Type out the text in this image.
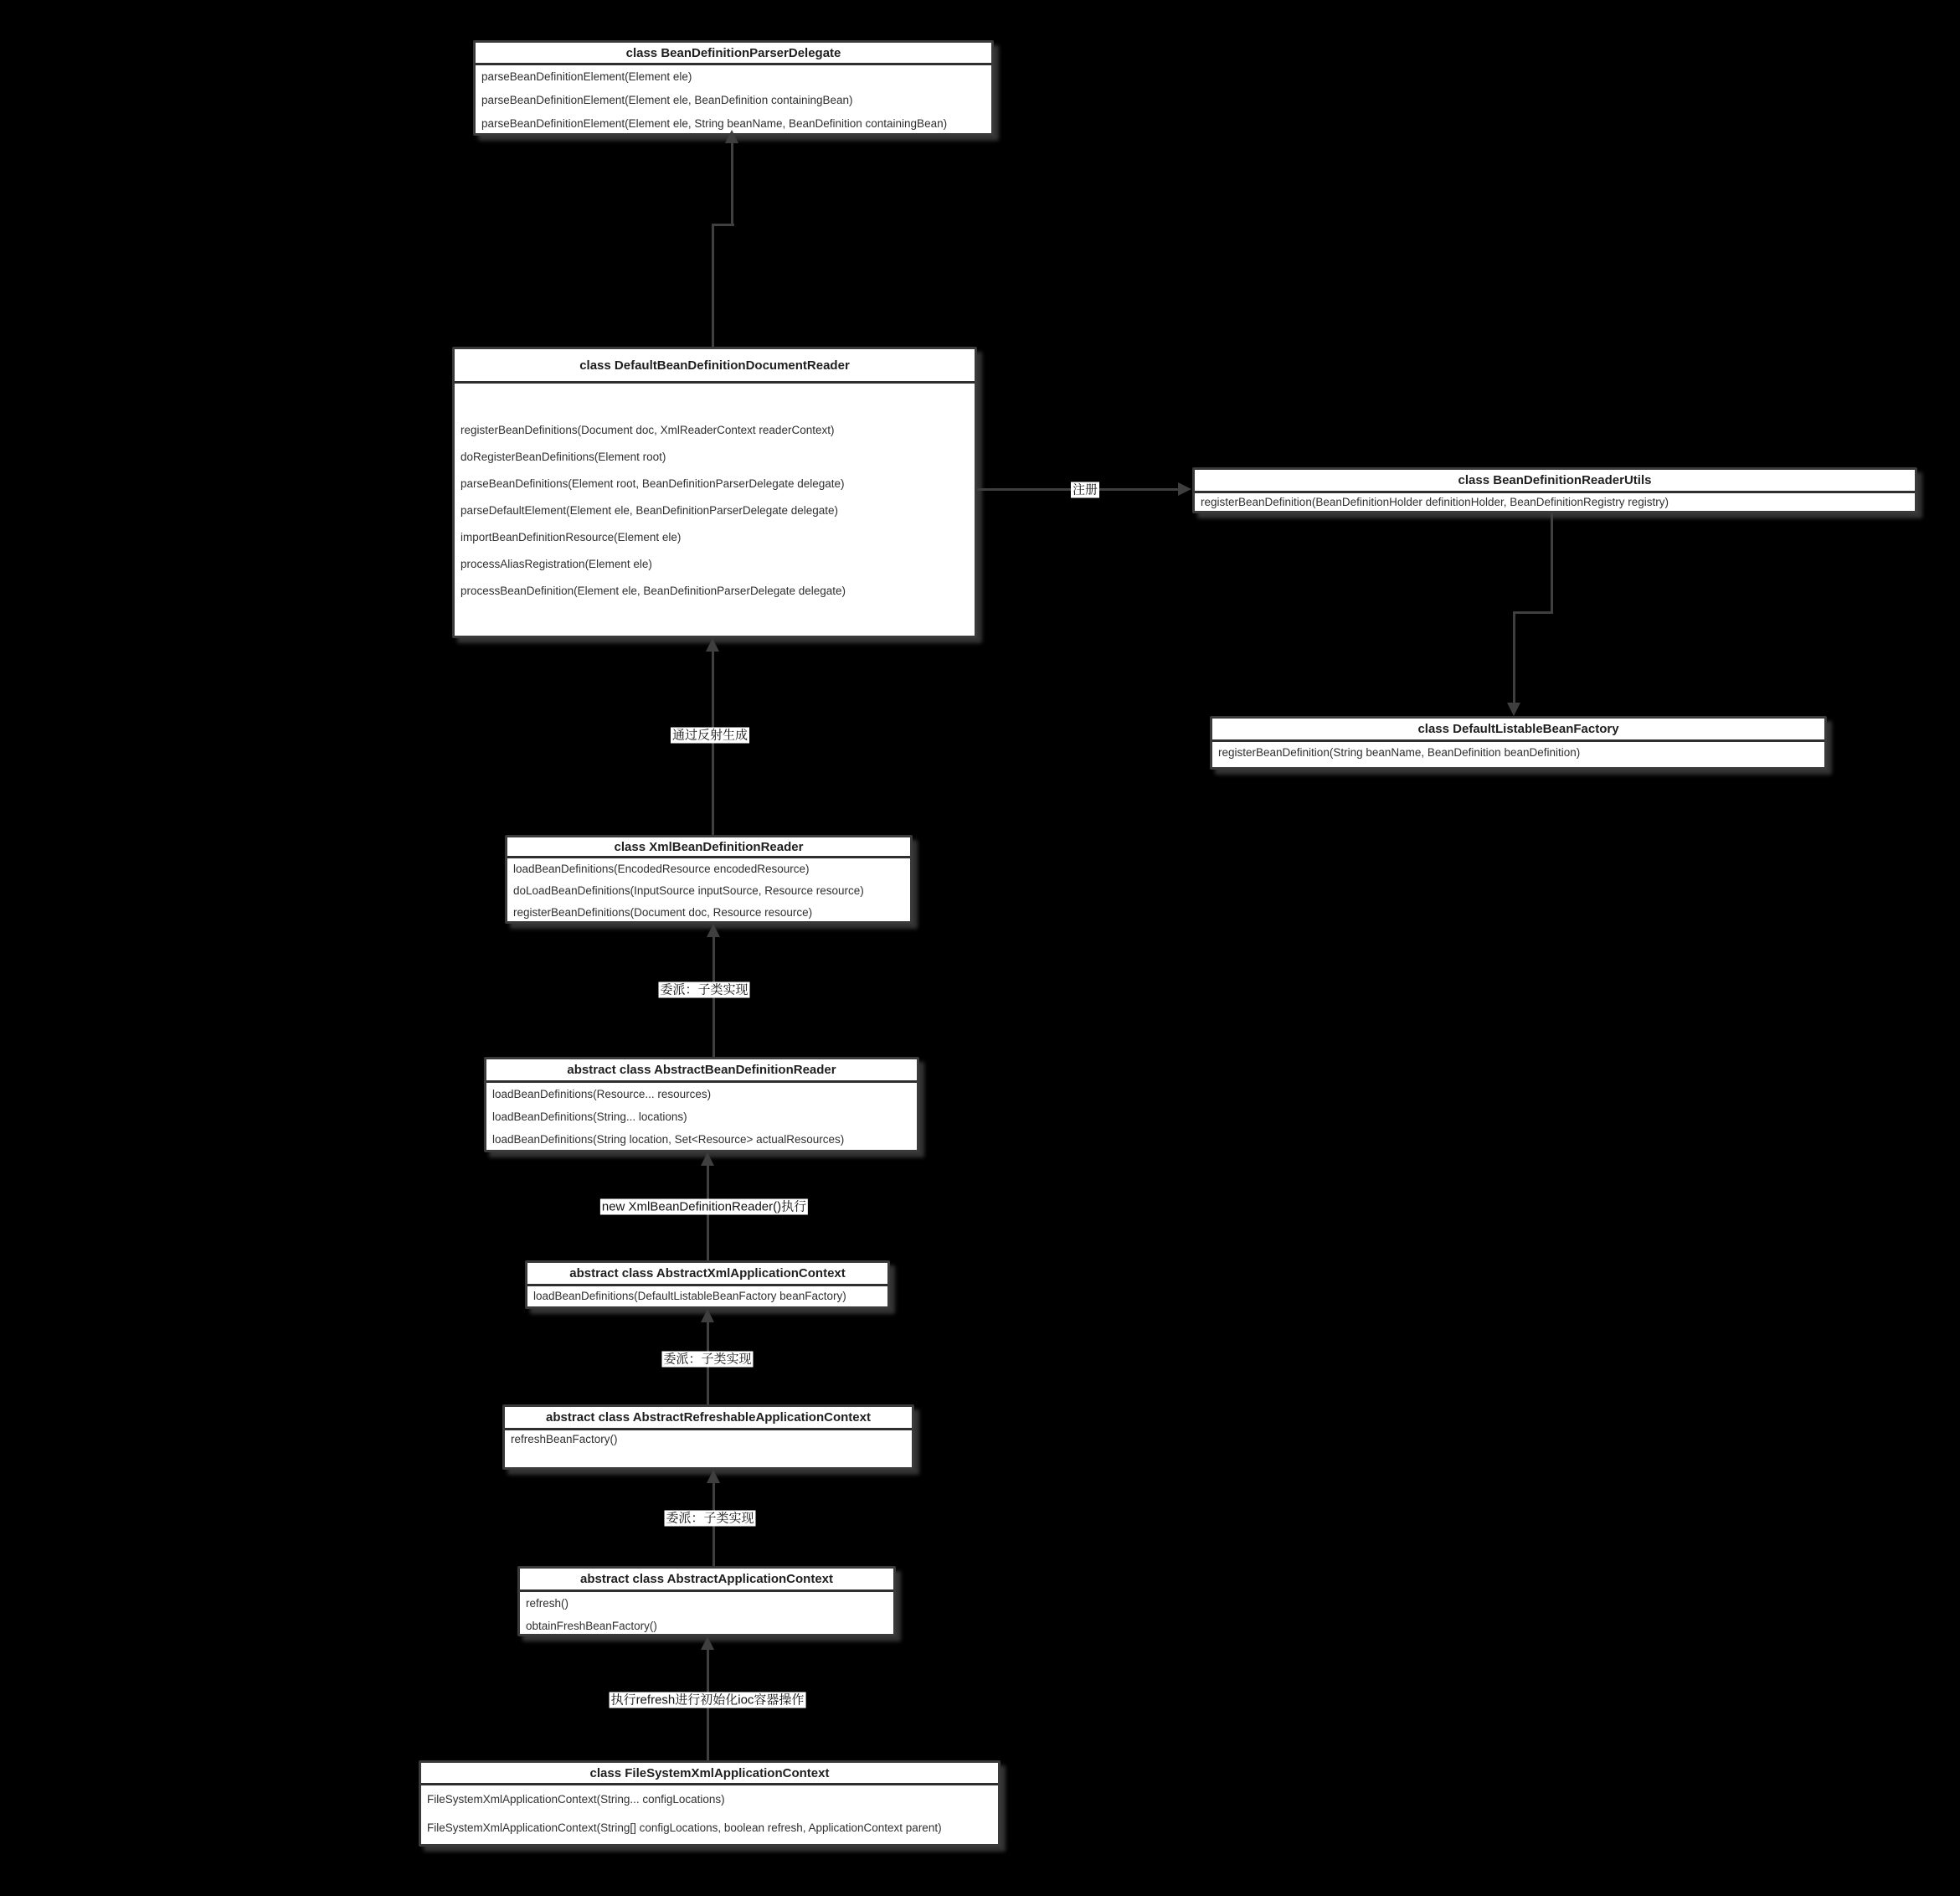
class BeanDefinitionParserDelegate
parseBeanDefinitionElement(Element ele)
parseBeanDefinitionElement(Element ele, BeanDefinition containingBean)
parseBeanDefinitionElement(Element ele, String beanName, BeanDefinition containingBean)
class DefaultBeanDefinitionDocumentReader
registerBeanDefinitions(Document doc, XmlReaderContext readerContext)
doRegisterBeanDefinitions(Element root)
parseBeanDefinitions(Element root, BeanDefinitionParserDelegate delegate)
parseDefaultElement(Element ele, BeanDefinitionParserDelegate delegate)
importBeanDefinitionResource(Element ele)
processAliasRegistration(Element ele)
processBeanDefinition(Element ele, BeanDefinitionParserDelegate delegate)
class BeanDefinitionReaderUtils
registerBeanDefinition(BeanDefinitionHolder definitionHolder, BeanDefinitionRegistry registry)
class DefaultListableBeanFactory
registerBeanDefinition(String beanName, BeanDefinition beanDefinition)
class XmlBeanDefinitionReader
loadBeanDefinitions(EncodedResource encodedResource)
doLoadBeanDefinitions(InputSource inputSource, Resource resource)
registerBeanDefinitions(Document doc, Resource resource)
abstract class AbstractBeanDefinitionReader
loadBeanDefinitions(Resource... resources)
loadBeanDefinitions(String... locations)
loadBeanDefinitions(String location, Set<Resource> actualResources)
abstract class AbstractXmlApplicationContext
loadBeanDefinitions(DefaultListableBeanFactory beanFactory)
abstract class AbstractRefreshableApplicationContext
refreshBeanFactory()
abstract class AbstractApplicationContext
refresh()
obtainFreshBeanFactory()
class FileSystemXmlApplicationContext
FileSystemXmlApplicationContext(String... configLocations)
FileSystemXmlApplicationContext(String[] configLocations, boolean refresh, ApplicationContext parent)
注册
通过反射生成
委派：子类实现
new XmlBeanDefinitionReader()执行
委派：子类实现
委派：子类实现
执行refresh进行初始化ioc容器操作
